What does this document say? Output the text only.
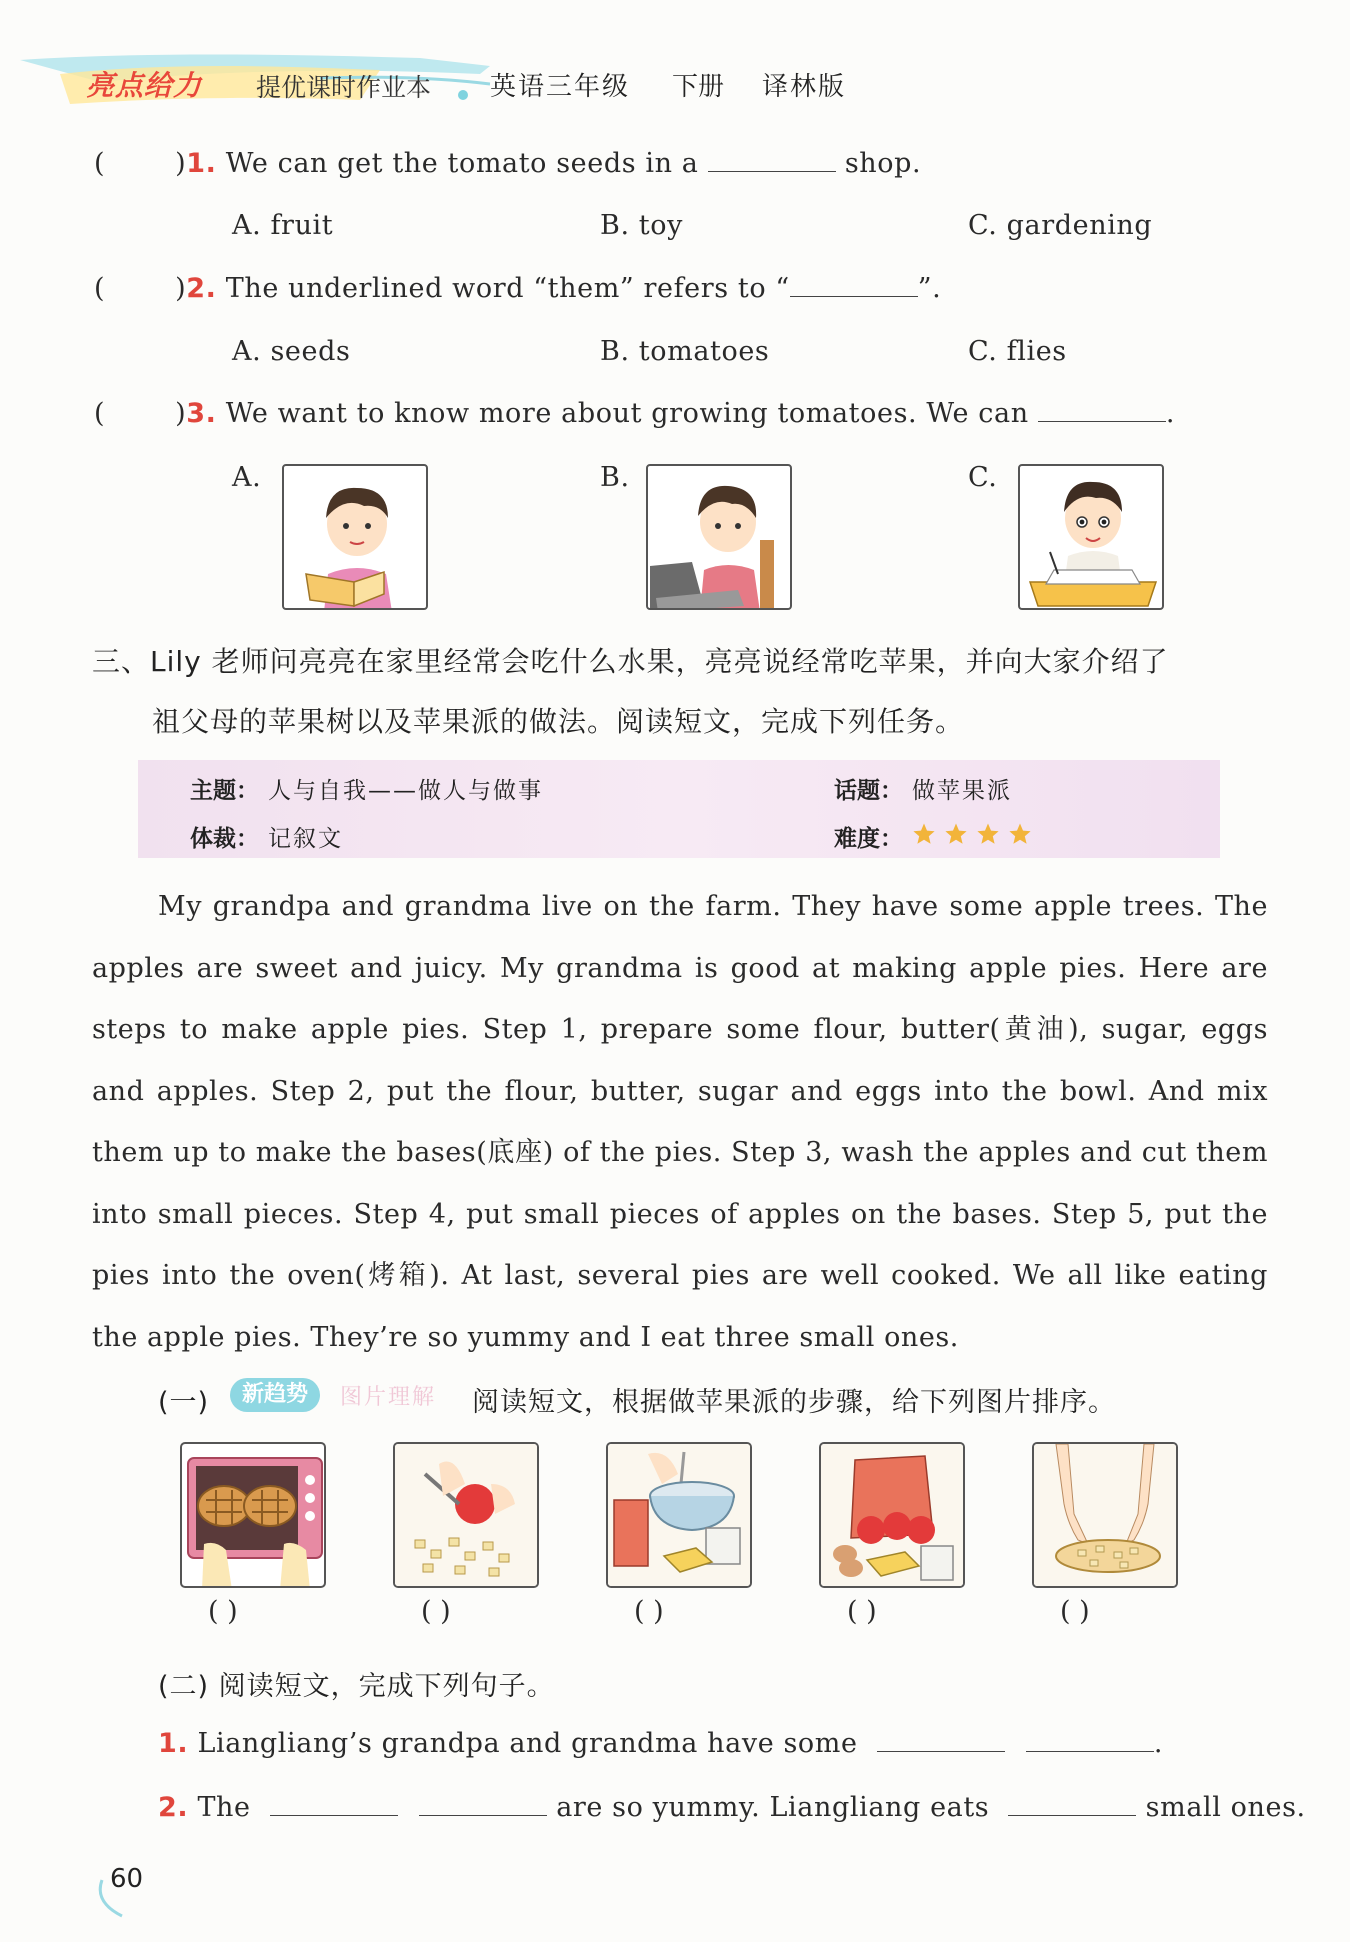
亮点给力 提优课时作业本 英语三年级 下册 译林版
(	)1. We can get the tomato seeds in a	shop.
A. fruit	B. toy	C. gardening
(	)2. The underlined word “them” refers to “	”.
A. seeds	B. tomatoes	C. flies
(	)3. We want to know more about growing tomatoes. We can	.
A.	B.	C.
三、Lily 老师问亮亮在家里经常会吃什么水果，亮亮说经常吃苹果，并向大家介绍了
祖父母的苹果树以及苹果派的做法。阅读短文，完成下列任务。
主题： 人与自我——做人与做事	话题： 做苹果派
体裁： 记叙文	难度：
My grandpa and grandma live on the farm. They have some apple trees. The
apples are sweet and juicy. My grandma is good at making apple pies. Here are
steps to make apple pies. Step 1, prepare some flour, butter(黄油), sugar, eggs
and apples. Step 2, put the flour, butter, sugar and eggs into the bowl. And mix
them up to make the bases(底座) of the pies. Step 3, wash the apples and cut them
into small pieces. Step 4, put small pieces of apples on the bases. Step 5, put the
pies into the oven(烤箱). At last, several pies are well cooked. We all like eating
the apple pies. They’re so yummy and I eat three small ones.
(一)	新趋势	图片理解 阅读短文，根据做苹果派的步骤，给下列图片排序。
( )	( )	( )	( )	( )
(二) 阅读短文，完成下列句子。
1. Liangliang’s grandpa and grandma have some	.
2. The	are so yummy. Liangliang eats	small ones.
60
